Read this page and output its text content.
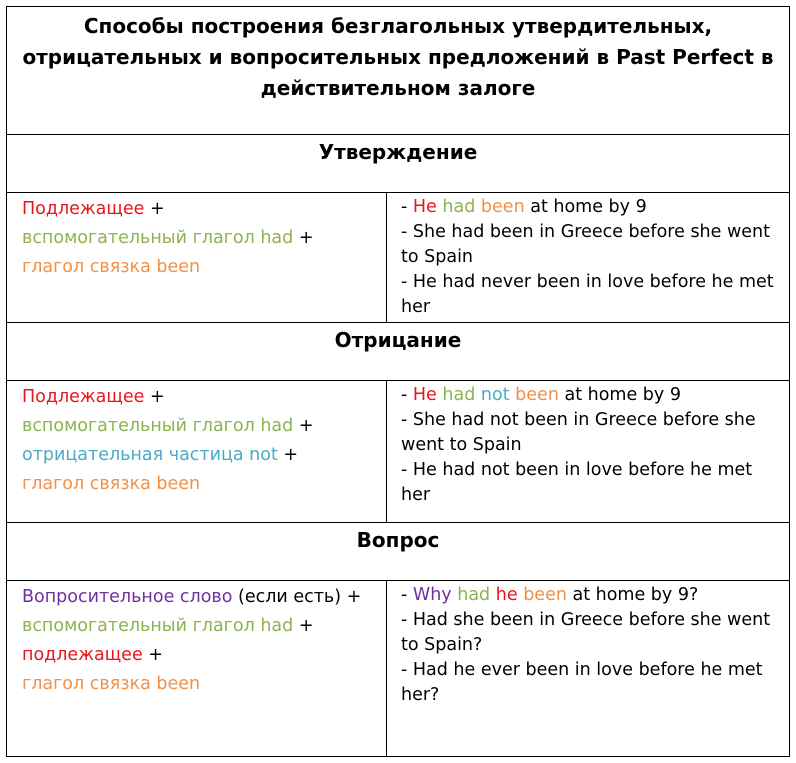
Способы построения безглагольных утвердительных, отрицательных и вопросительных предложений в Past Perfect в действительном залоге
Утверждение
Подлежащее +
вспомогательный глагол had +
глагол связка been
- He had been at home by 9
- She had been in Greece before she went to Spain
- He had never been in love before he met her
Отрицание
Подлежащее +
вспомогательный глагол had +
отрицательная частица not +
глагол связка been
- He had not been at home by 9
- She had not been in Greece before she went to Spain
- He had not been in love before he met her
Вопрос
Вопросительное слово (если есть) +
вспомогательный глагол had +
подлежащее +
глагол связка been
- Why had he been at home by 9?
- Had she been in Greece before she went to Spain?
- Had he ever been in love before he met her?
